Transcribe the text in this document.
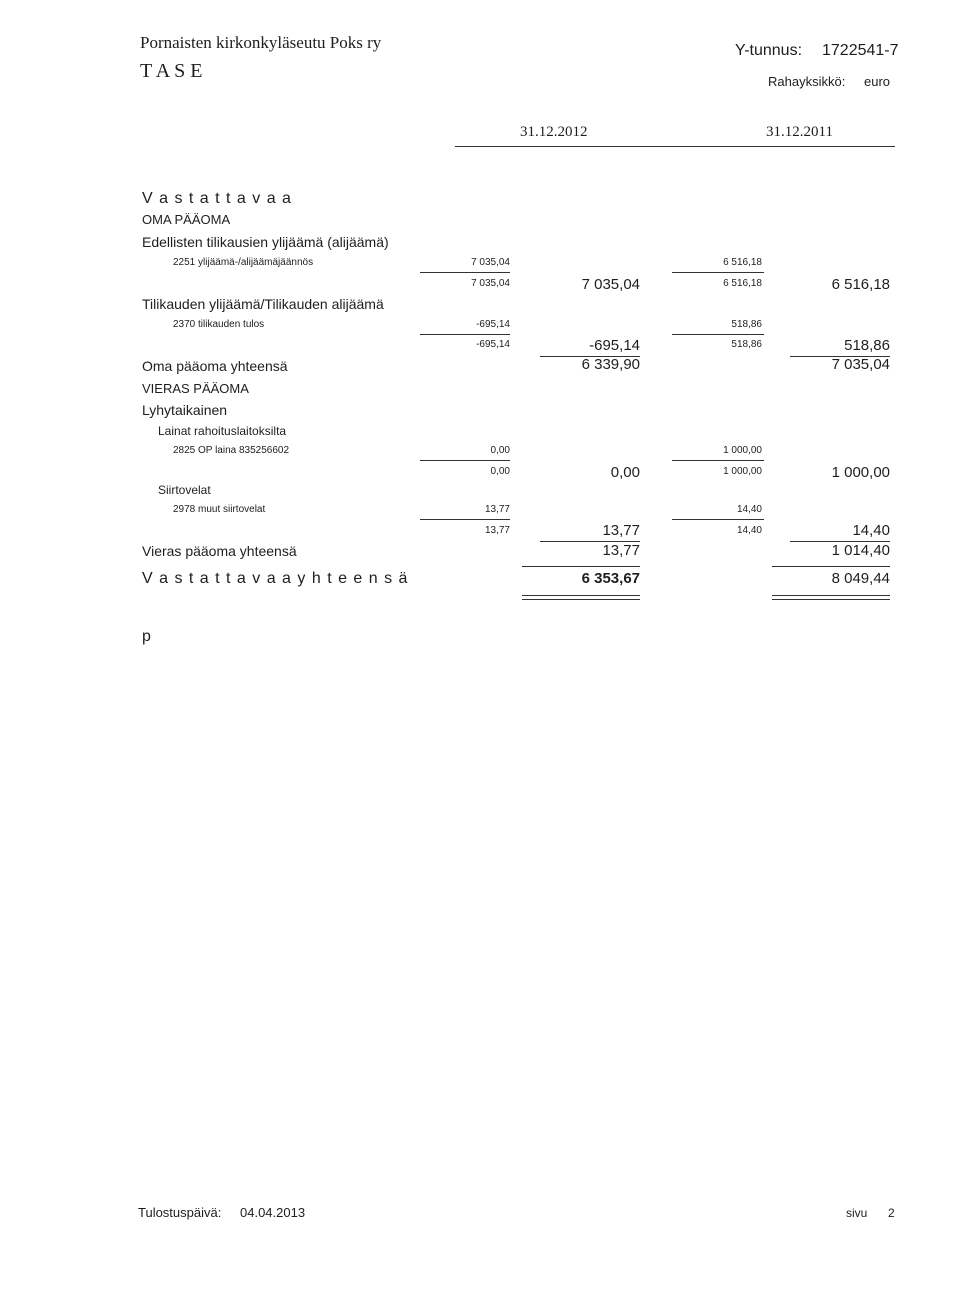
Pornaisten kirkonkyläseutu Poks ry
T A S E
Y-tunnus: 1722541-7
Rahayksikkö: euro
31.12.2012	31.12.2011
V a s t a t t a v a a
OMA PÄÄOMA
Edellisten tilikausien ylijäämä (alijäämä)
2251 ylijäämä-/alijäämäjäännös	7 035,04	6 516,18
7 035,04	6 516,18
7 035,04	6 516,18
Tilikauden ylijäämä/Tilikauden alijäämä
2370 tilikauden tulos	-695,14	518,86
-695,14	518,86
-695,14	518,86
Oma pääoma yhteensä	6 339,90	7 035,04
VIERAS PÄÄOMA
Lyhytaikainen
Lainat rahoituslaitoksilta
2825 OP laina 835256602	0,00	1 000,00
0,00	1 000,00
0,00	1 000,00
Siirtovelat
2978 muut siirtovelat	13,77	14,40
13,77	14,40
13,77	14,40
Vieras pääoma yhteensä	13,77	1 014,40
V a s t a t t a v a a y h t e e n s ä	6 353,67	8 049,44
p
Tulostuspäivä: 04.04.2013	sivu 2
